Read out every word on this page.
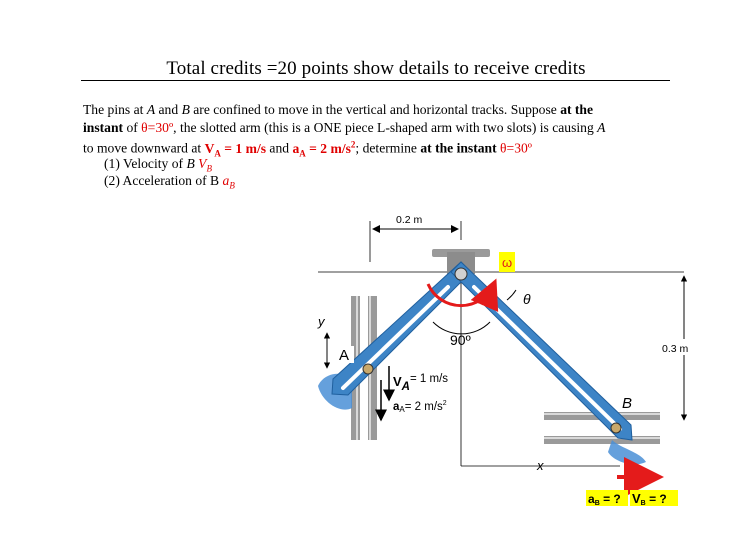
Total credits =20 points show details to receive credits

The pins at A and B are confined to move in the vertical and horizontal tracks. Suppose at the

instant of θ=30º, the slotted arm (this is a ONE piece L-shaped arm with two slots) is causing A

to move downward at $V_A = 1$ m/s and $a_A = 2$ $m/s^2$; determine at the instant θ=30º

(1) Velocity of B $V_B$
(2) Acceleration of B $a_B$
0.2 m
0.3 m
y
A
B
ω
θ
90º
VA= 1 m/s
aA= 2 $m/s^2$
x
aB = ? VB = ?
